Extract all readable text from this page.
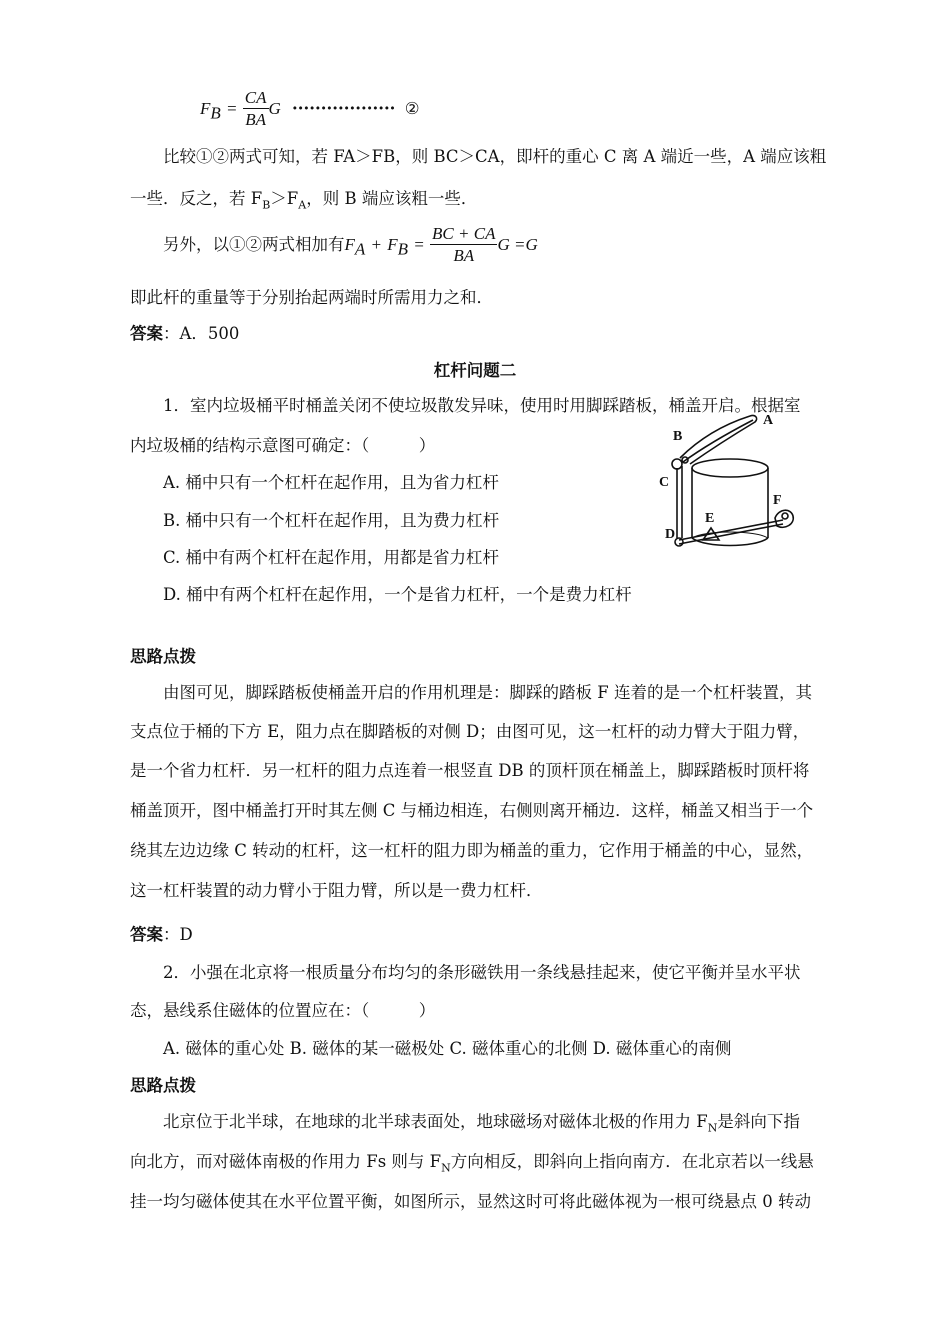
$F_B = \frac{CA}{BA}$ G ·················· ②
比较①②两式可知，若 FA＞FB，则 BC＞CA，即杆的重心 C 离 A 端近一些，A 端应该粗
一些．反之，若 $F_B>F_A$，则 B 端应该粗一些．
另外，以①②两式相加有$F_A + F_B = \frac{BC + CA}{BA}$ G =G
即此杆的重量等于分别抬起两端时所需用力之和．
答案：A．500
杠杆问题二
1．室内垃圾桶平时桶盖关闭不使垃圾散发异味，使用时用脚踩踏板，桶盖开启。根据室
内垃圾桶的结构示意图可确定：（　　　）
A. 桶中只有一个杠杆在起作用，且为省力杠杆
B. 桶中只有一个杠杆在起作用，且为费力杠杆
C. 桶中有两个杠杆在起作用，用都是省力杠杆
D. 桶中有两个杠杆在起作用，一个是省力杠杆，一个是费力杠杆
A
B
C
D
E
F
思路点拨
由图可见，脚踩踏板使桶盖开启的作用机理是：脚踩的踏板 F 连着的是一个杠杆装置，其
支点位于桶的下方 E，阻力点在脚踏板的对侧 D；由图可见，这一杠杆的动力臂大于阻力臂，
是一个省力杠杆．另一杠杆的阻力点连着一根竖直 DB 的顶杆顶在桶盖上，脚踩踏板时顶杆将
桶盖顶开，图中桶盖打开时其左侧 C 与桶边相连，右侧则离开桶边．这样，桶盖又相当于一个
绕其左边边缘 C 转动的杠杆，这一杠杆的阻力即为桶盖的重力，它作用于桶盖的中心，显然，
这一杠杆装置的动力臂小于阻力臂，所以是一费力杠杆．
答案：D
2．小强在北京将一根质量分布均匀的条形磁铁用一条线悬挂起来，使它平衡并呈水平状
态，悬线系住磁体的位置应在：（　　　）
A. 磁体的重心处 B. 磁体的某一磁极处 C. 磁体重心的北侧 D. 磁体重心的南侧
思路点拨
北京位于北半球，在地球的北半球表面处，地球磁场对磁体北极的作用力 $F_N$是斜向下指
向北方，而对磁体南极的作用力 Fs 则与 $F_N$方向相反，即斜向上指向南方．在北京若以一线悬
挂一均匀磁体使其在水平位置平衡，如图所示，显然这时可将此磁体视为一根可绕悬点 0 转动
